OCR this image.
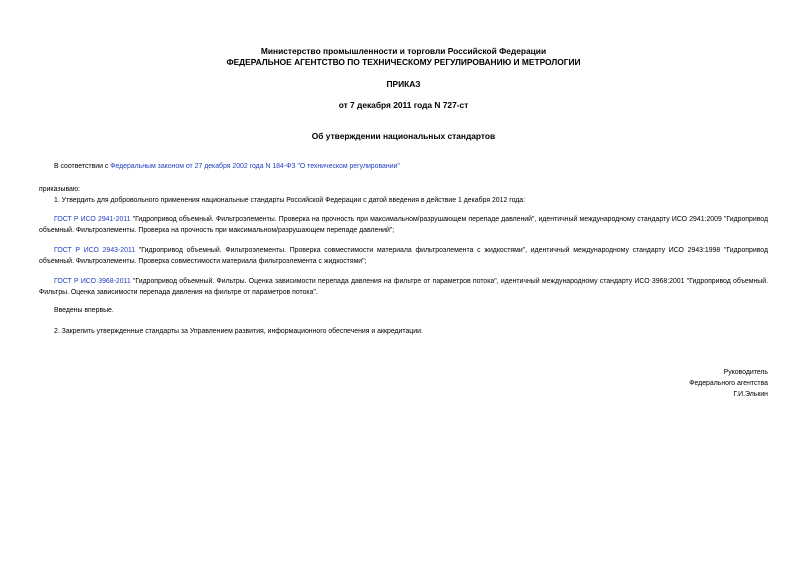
Министерство промышленности и торговли Российской Федерации
ФЕДЕРАЛЬНОЕ АГЕНТСТВО ПО ТЕХНИЧЕСКОМУ РЕГУЛИРОВАНИЮ И МЕТРОЛОГИИ
ПРИКАЗ
от 7 декабря 2011 года N 727-ст
Об утверждении национальных стандартов
В соответствии с Федеральным законом от 27 декабря 2002 года N 184-ФЗ "О техническом регулировании"
приказываю:
1. Утвердить для добровольного применения национальные стандарты Российской Федерации с датой введения в действие 1 декабря 2012 года:
ГОСТ Р ИСО 2941-2011 "Гидропривод объемный. Фильтроэлементы. Проверка на прочность при максимальном/разрушающем перепаде давлений", идентичный международному стандарту ИСО 2941:2009 "Гидропривод объемный. Фильтроэлементы. Проверка на прочность при максимальном/разрушающем перепаде давлений";
ГОСТ Р ИСО 2943-2011 "Гидропривод объемный. Фильтроэлементы. Проверка совместимости материала фильтроэлемента с жидкостями", идентичный международному стандарту ИСО 2943:1998 "Гидропривод объемный. Фильтроэлементы. Проверка совместимости материала фильтроэлемента с жидкостями";
ГОСТ Р ИСО 3968-2011 "Гидропривод объемный. Фильтры. Оценка зависимости перепада давления на фильтре от параметров потока", идентичный международному стандарту ИСО 3968:2001 "Гидропривод объемный. Фильтры. Оценка зависимости перепада давления на фильтре от параметров потока".
Введены впервые.
2. Закрепить утвержденные стандарты за Управлением развития, информационного обеспечения и аккредитации.
Руководитель
Федерального агентства
Г.И.Элькин
